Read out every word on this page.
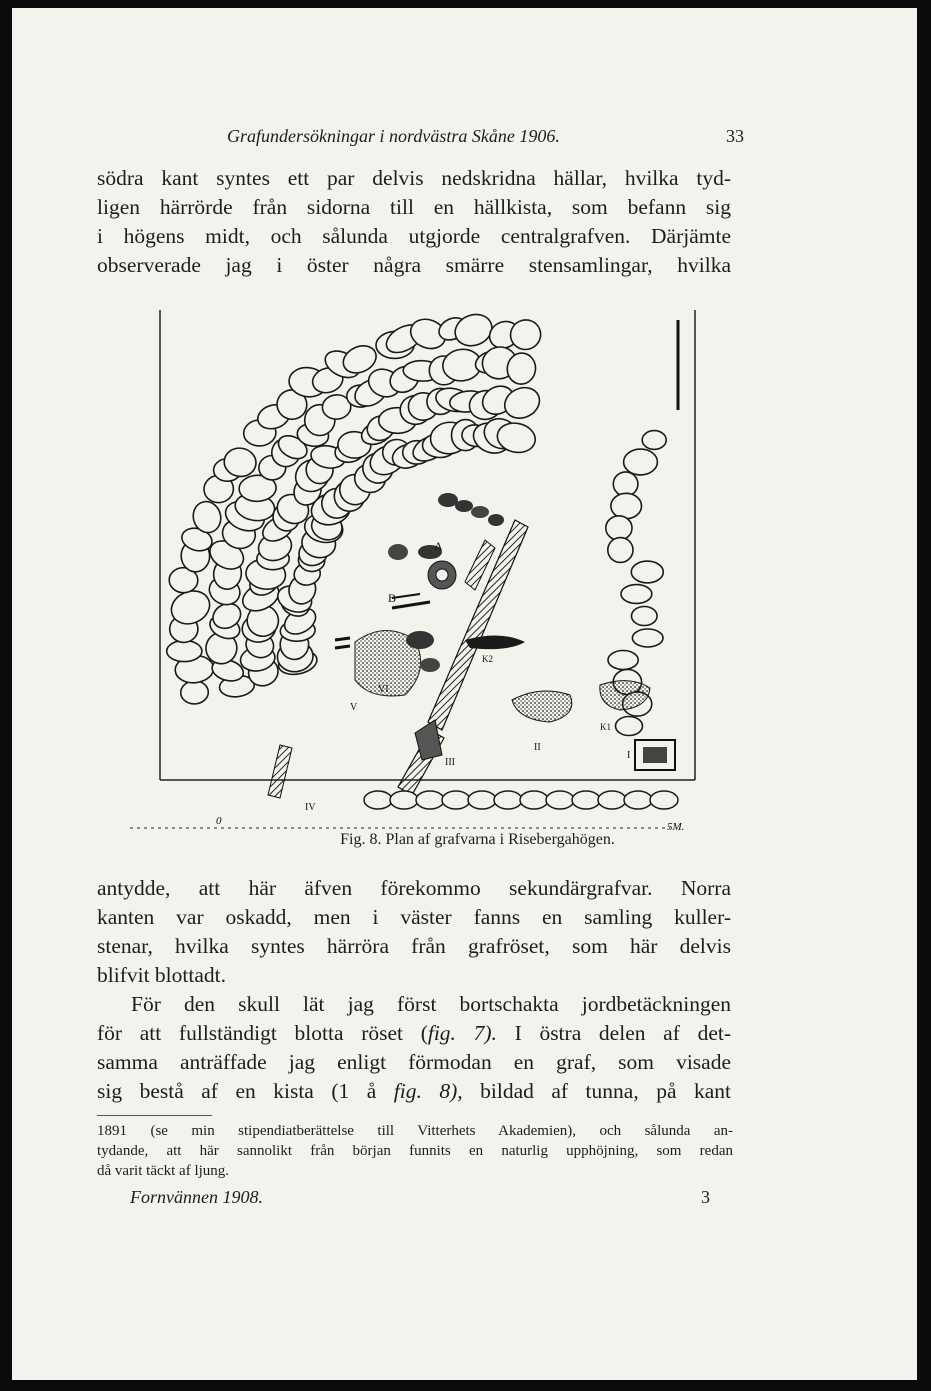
Grafundersökningar i nordvästra Skåne 1906.	33

södra kant syntes ett par delvis nedskridna hällar, hvilka tyd-
ligen härrörde från sidorna till en hällkista, som befann sig
i högens midt, och sålunda utgjorde centralgrafven. Därjämte
observerade jag i öster några smärre stensamlingar, hvilka

A
B
K1
K2
I
II
III
IV
V
VI
0	5M.
Fig. 8. Plan af grafvarna i Risebergahögen.

antydde, att här äfven förekommo sekundärgrafvar. Norra
kanten var oskadd, men i väster fanns en samling kuller-
stenar, hvilka syntes härröra från grafröset, som här delvis
blifvit blottadt.

För den skull lät jag först bortschakta jordbetäckningen
för att fullständigt blotta röset (fig. 7). I östra delen af det-
samma anträffade jag enligt förmodan en graf, som visade
sig bestå af en kista (1 å fig. 8), bildad af tunna, på kant

1891 (se min stipendiatberättelse till Vitterhets Akademien), och sålunda an-
tydande, att här sannolikt från början funnits en naturlig upphöjning, som redan
då varit täckt af ljung.
Fornvännen 1908.	3
